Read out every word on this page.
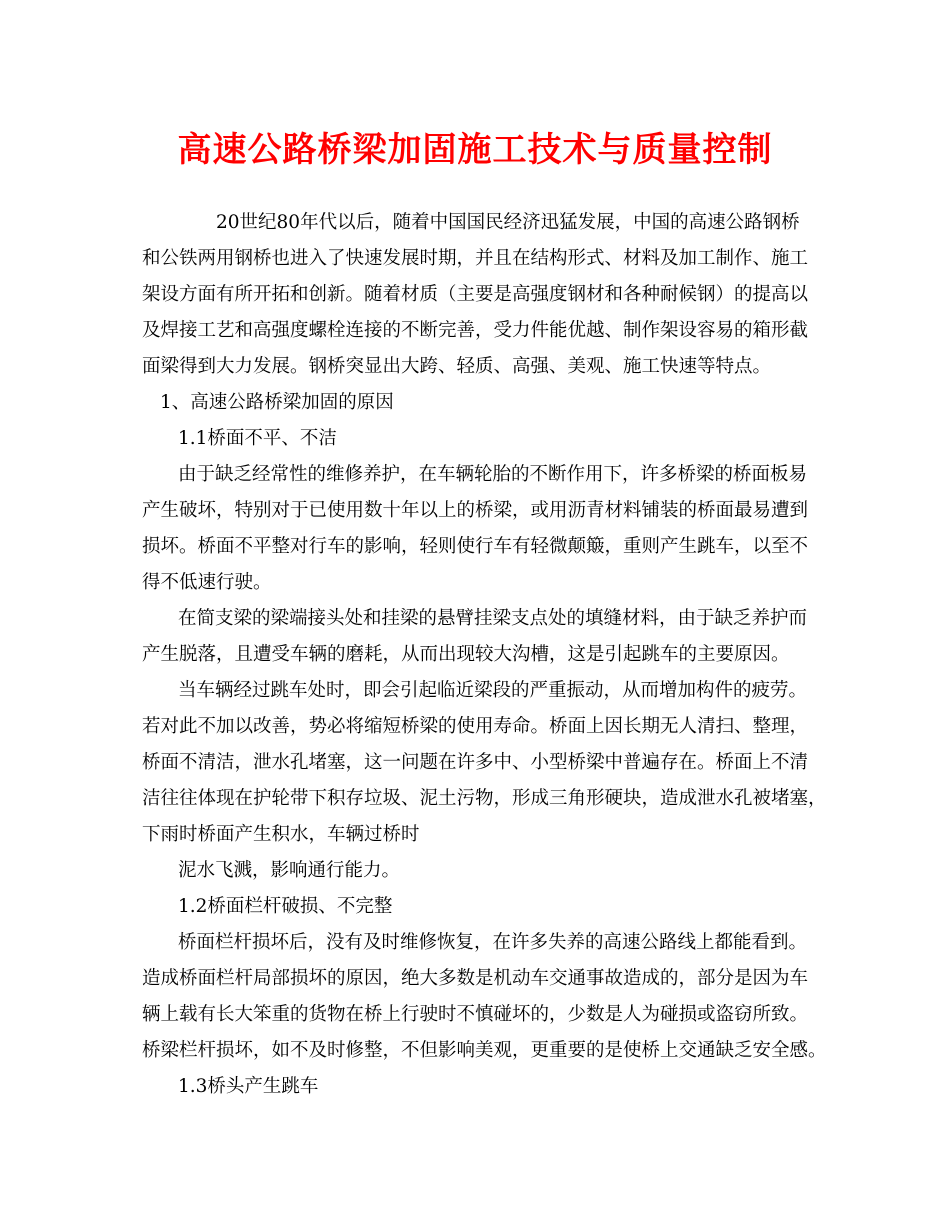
高速公路桥梁加固施工技术与质量控制

20世纪80年代以后，随着中国国民经济迅猛发展，中国的高速公路钢桥

和公铁两用钢桥也进入了快速发展时期，并且在结构形式、材料及加工制作、施工

架设方面有所开拓和创新。随着材质（主要是高强度钢材和各种耐候钢）的提高以

及焊接工艺和高强度螺栓连接的不断完善，受力件能优越、制作架设容易的箱形截

面梁得到大力发展。钢桥突显出大跨、轻质、高强、美观、施工快速等特点。

1、高速公路桥梁加固的原因

1.1桥面不平、不洁

由于缺乏经常性的维修养护，在车辆轮胎的不断作用下，许多桥梁的桥面板易

产生破坏，特别对于已使用数十年以上的桥梁，或用沥青材料铺装的桥面最易遭到

损坏。桥面不平整对行车的影响，轻则使行车有轻微颠簸，重则产生跳车，以至不

得不低速行驶。

在简支梁的梁端接头处和挂梁的悬臂挂梁支点处的填缝材料，由于缺乏养护而

产生脱落，且遭受车辆的磨耗，从而出现较大沟槽，这是引起跳车的主要原因。

当车辆经过跳车处时，即会引起临近梁段的严重振动，从而增加构件的疲劳。

若对此不加以改善，势必将缩短桥梁的使用寿命。桥面上因长期无人清扫、整理，

桥面不清洁，泄水孔堵塞，这一问题在许多中、小型桥梁中普遍存在。桥面上不清

洁往往体现在护轮带下积存垃圾、泥土污物，形成三角形硬块，造成泄水孔被堵塞，

下雨时桥面产生积水，车辆过桥时

泥水飞溅，影响通行能力。

1.2桥面栏杆破损、不完整

桥面栏杆损坏后，没有及时维修恢复，在许多失养的高速公路线上都能看到。

造成桥面栏杆局部损坏的原因，绝大多数是机动车交通事故造成的，部分是因为车

辆上载有长大笨重的货物在桥上行驶时不慎碰坏的，少数是人为碰损或盗窃所致。

桥梁栏杆损坏，如不及时修整，不但影响美观，更重要的是使桥上交通缺乏安全感。

1.3桥头产生跳车
